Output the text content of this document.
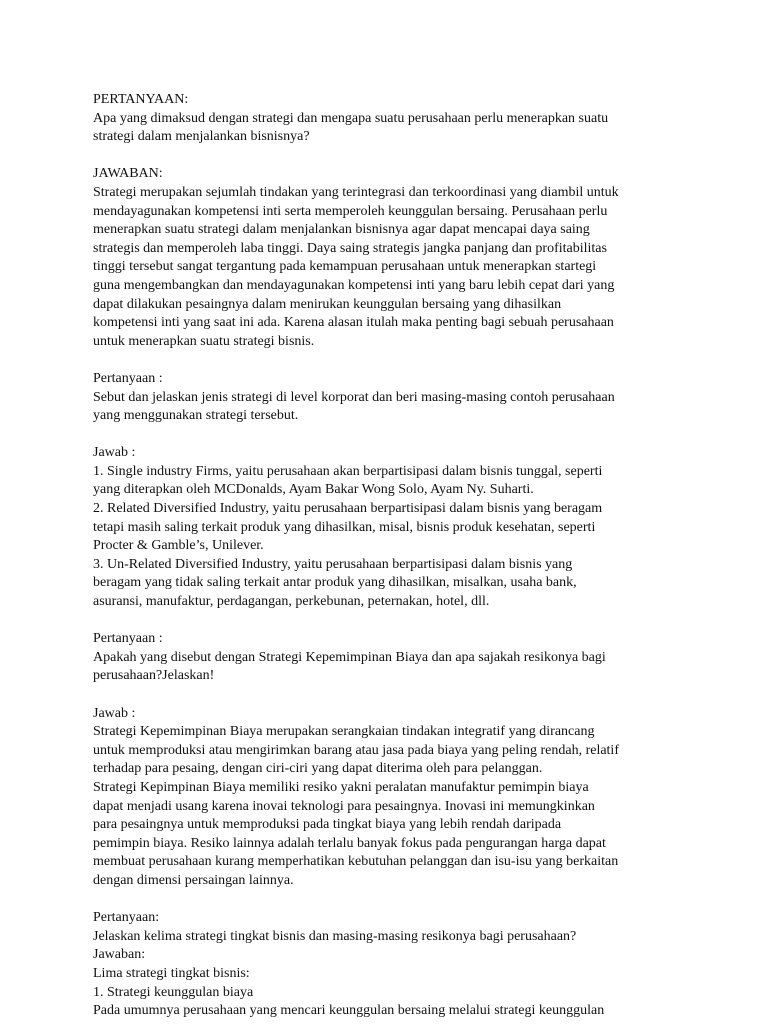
PERTANYAAN:
Apa yang dimaksud dengan strategi dan mengapa suatu perusahaan perlu menerapkan suatu
strategi dalam menjalankan bisnisnya?
JAWABAN:
Strategi merupakan sejumlah tindakan yang terintegrasi dan terkoordinasi yang diambil untuk
mendayagunakan kompetensi inti serta memperoleh keunggulan bersaing. Perusahaan perlu
menerapkan suatu strategi dalam menjalankan bisnisnya agar dapat mencapai daya saing
strategis dan memperoleh laba tinggi. Daya saing strategis jangka panjang dan profitabilitas
tinggi tersebut sangat tergantung pada kemampuan perusahaan untuk menerapkan startegi
guna mengembangkan dan mendayagunakan kompetensi inti yang baru lebih cepat dari yang
dapat dilakukan pesaingnya dalam menirukan keunggulan bersaing yang dihasilkan
kompetensi inti yang saat ini ada. Karena alasan itulah maka penting bagi sebuah perusahaan
untuk menerapkan suatu strategi bisnis.
Pertanyaan :
Sebut dan jelaskan jenis strategi di level korporat dan beri masing-masing contoh perusahaan
yang menggunakan strategi tersebut.
Jawab :
1. Single industry Firms, yaitu perusahaan akan berpartisipasi dalam bisnis tunggal, seperti
yang diterapkan oleh MCDonalds, Ayam Bakar Wong Solo, Ayam Ny. Suharti.
2. Related Diversified Industry, yaitu perusahaan berpartisipasi dalam bisnis yang beragam
tetapi masih saling terkait produk yang dihasilkan, misal, bisnis produk kesehatan, seperti
Procter & Gamble’s, Unilever.
3. Un-Related Diversified Industry, yaitu perusahaan berpartisipasi dalam bisnis yang
beragam yang tidak saling terkait antar produk yang dihasilkan, misalkan, usaha bank,
asuransi, manufaktur, perdagangan, perkebunan, peternakan, hotel, dll.
Pertanyaan :
Apakah yang disebut dengan Strategi Kepemimpinan Biaya dan apa sajakah resikonya bagi
perusahaan?Jelaskan!
Jawab :
Strategi Kepemimpinan Biaya merupakan serangkaian tindakan integratif yang dirancang
untuk memproduksi atau mengirimkan barang atau jasa pada biaya yang peling rendah, relatif
terhadap para pesaing, dengan ciri-ciri yang dapat diterima oleh para pelanggan.
Strategi Kepimpinan Biaya memiliki resiko yakni peralatan manufaktur pemimpin biaya
dapat menjadi usang karena inovai teknologi para pesaingnya. Inovasi ini memungkinkan
para pesaingnya untuk memproduksi pada tingkat biaya yang lebih rendah daripada
pemimpin biaya. Resiko lainnya adalah terlalu banyak fokus pada pengurangan harga dapat
membuat perusahaan kurang memperhatikan kebutuhan pelanggan dan isu-isu yang berkaitan
dengan dimensi persaingan lainnya.
Pertanyaan:
Jelaskan kelima strategi tingkat bisnis dan masing-masing resikonya bagi perusahaan?
Jawaban:
Lima strategi tingkat bisnis:
1. Strategi keunggulan biaya
Pada umumnya perusahaan yang mencari keunggulan bersaing melalui strategi keunggulan
